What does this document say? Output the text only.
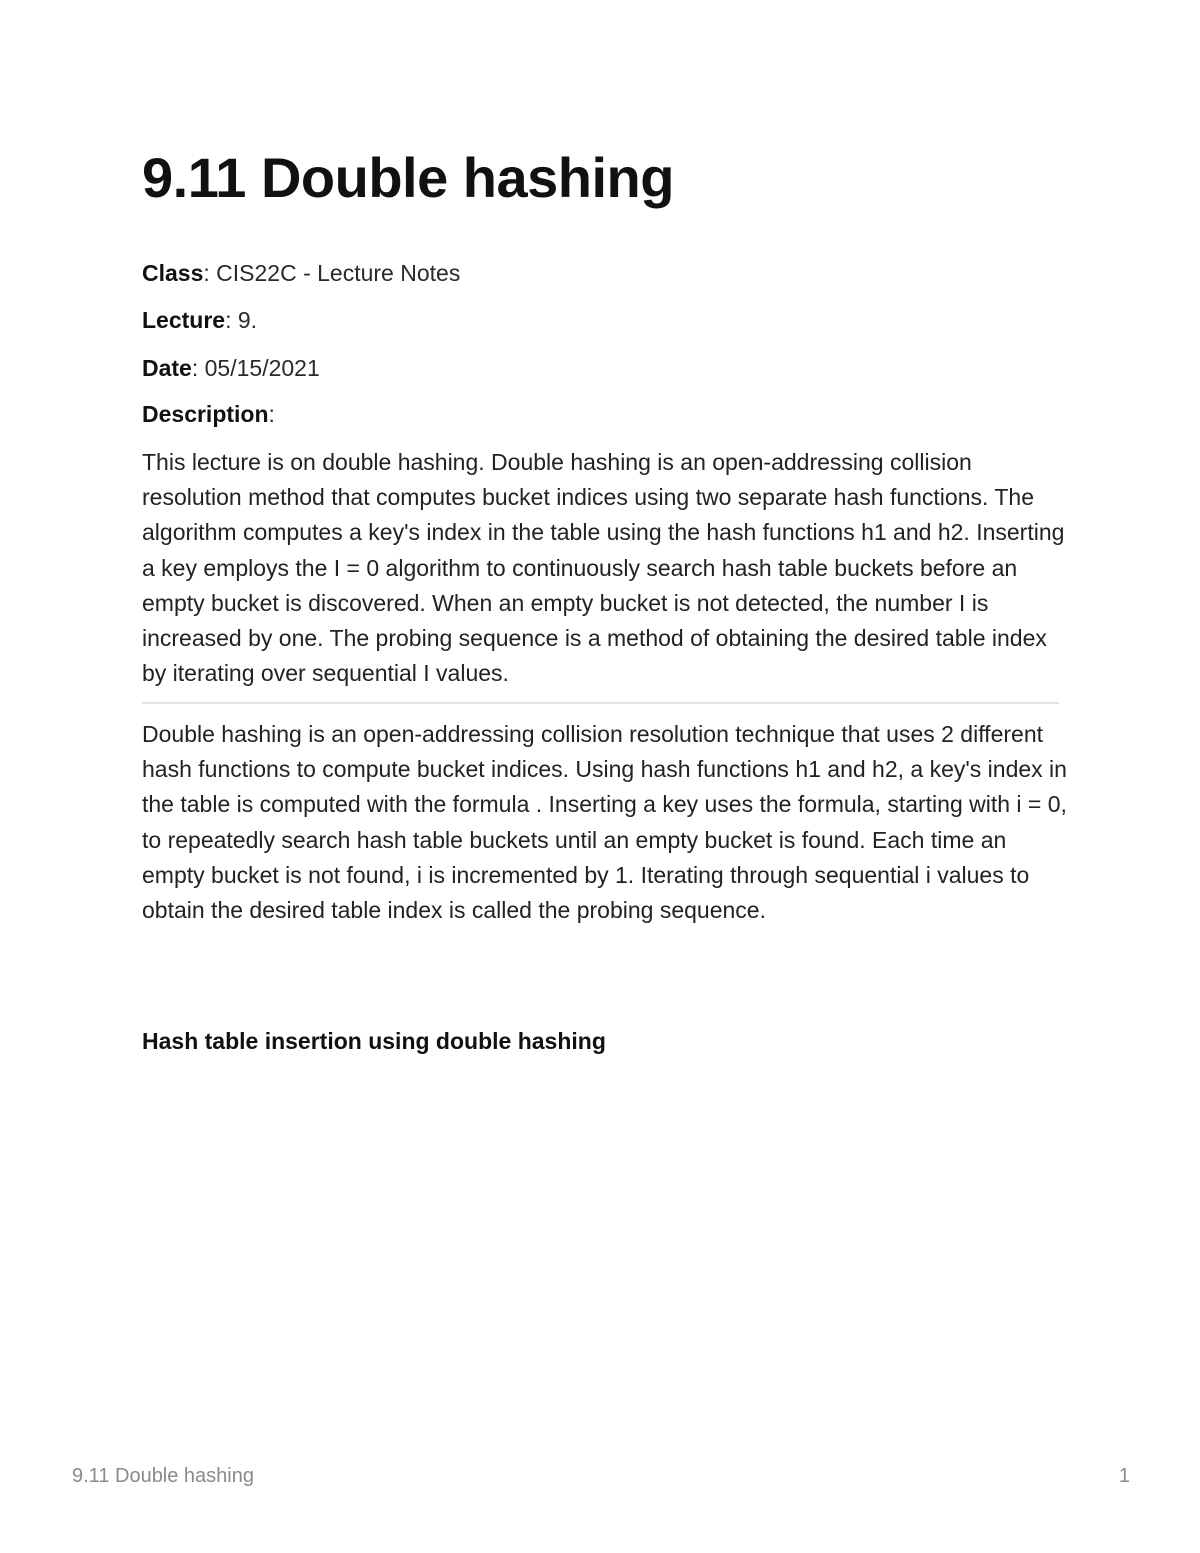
9.11 Double hashing

Class: CIS22C - Lecture Notes

Lecture: 9.

Date: 05/15/2021

Description:

This lecture is on double hashing. Double hashing is an open-addressing collision resolution method that computes bucket indices using two separate hash functions. The algorithm computes a key's index in the table using the hash functions h1 and h2. Inserting a key employs the I = 0 algorithm to continuously search hash table buckets before an empty bucket is discovered. When an empty bucket is not detected, the number I is increased by one. The probing sequence is a method of obtaining the desired table index by iterating over sequential I values.

Double hashing is an open-addressing collision resolution technique that uses 2 different hash functions to compute bucket indices. Using hash functions h1 and h2, a key's index in the table is computed with the formula . Inserting a key uses the formula, starting with i = 0, to repeatedly search hash table buckets until an empty bucket is found. Each time an empty bucket is not found, i is incremented by 1. Iterating through sequential i values to obtain the desired table index is called the probing sequence.

Hash table insertion using double hashing

9.11 Double hashing	1
